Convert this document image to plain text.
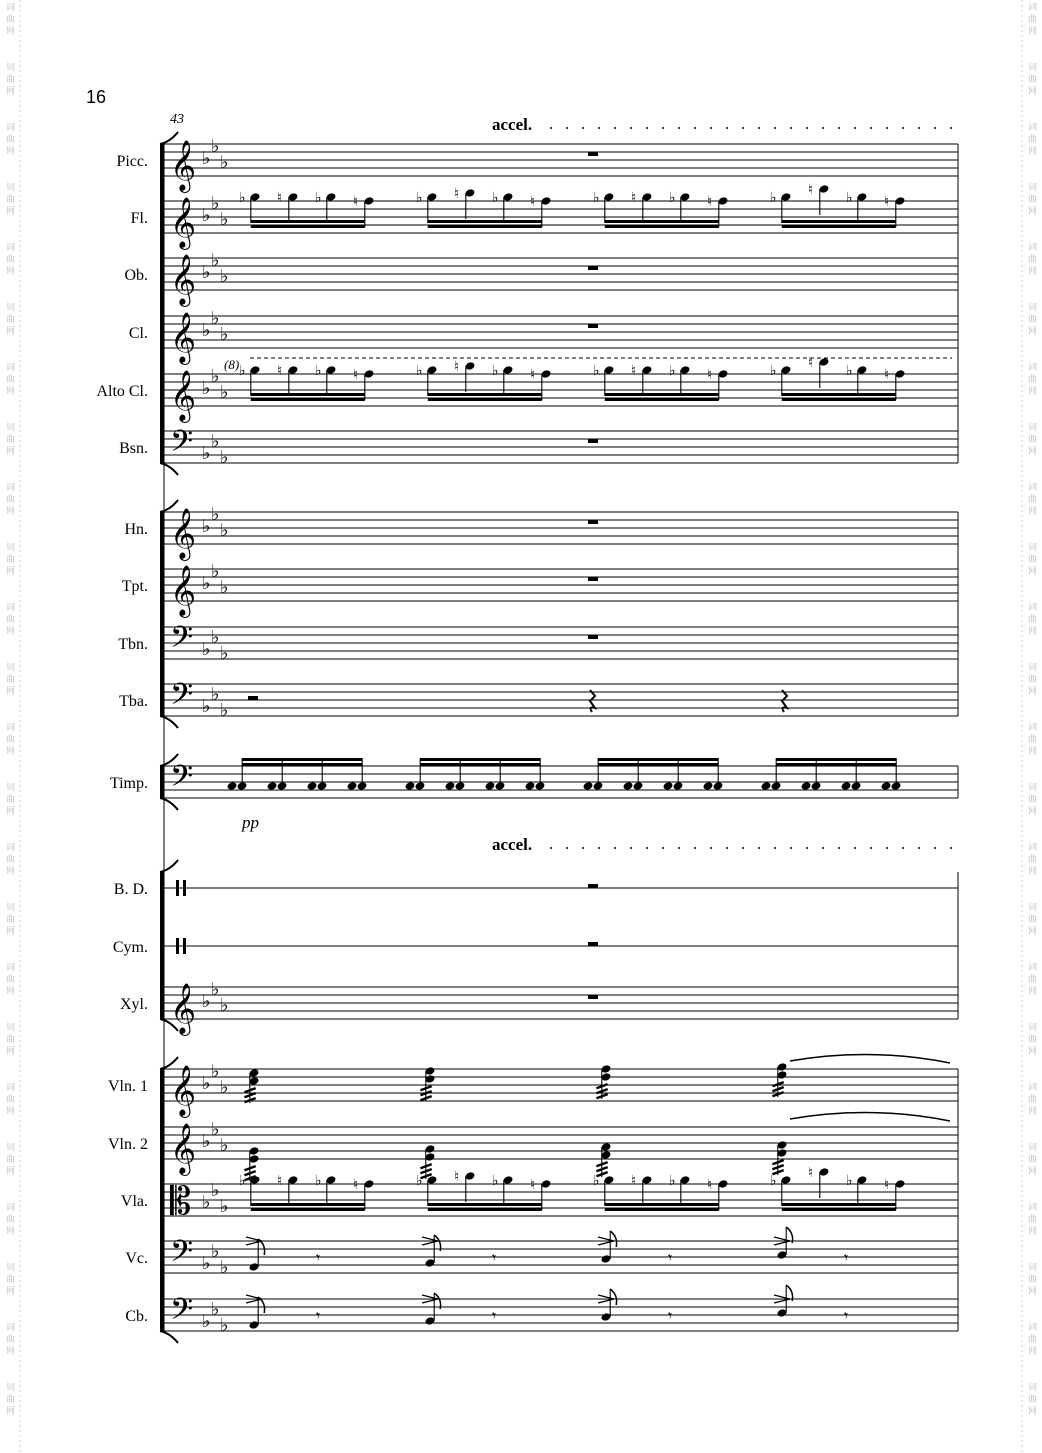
词
曲
网
词
曲
网
词
曲
网
词
曲
网
词
曲
网
词
曲
网
词
曲
网
词
曲
网
词
曲
网
词
曲
网
词
曲
网
词
曲
网
词
曲
网
词
曲
网
词
曲
网
词
曲
网
词
曲
网
词
曲
网
词
曲
网
词
曲
网
词
曲
网
词
曲
网
词
曲
网
词
曲
网
词
曲
网
词
曲
网
词
曲
网
词
曲
网
词
曲
网
词
曲
网
词
曲
网
词
曲
网
词
曲
网
词
曲
网
词
曲
网
词
曲
网
词
曲
网
词
曲
网
词
曲
网
词
曲
网
词
曲
网
词
曲
网
词
曲
网
词
曲
网
词
曲
网
词
曲
网
词
曲
网
词
曲
网
16
43	accel.
accel.
pp
(8)
Picc. 𝄞 ♭
♭
♭
Fl. 𝄞 ♭
♭
♭
♭ ♮ ♭ ♮	♭ ♮ ♭ ♮	♭ ♮ ♭ ♮	♭ ♮ ♭ ♮
Ob. 𝄞 ♭
♭
♭
Cl. 𝄞 ♭
♭
♭
Alto Cl. 𝄞 ♭
♭
♭
♭ ♮ ♭ ♮	♭ ♮ ♭ ♮	♭ ♮ ♭ ♮	♭ ♮ ♭ ♮
Bsn. 𝄢 ♭
♭
♭
Hn. 𝄞 ♭
♭
♭
Tpt. 𝄞 ♭
♭
♭
Tbn. 𝄢 ♭
♭
♭
Tba. 𝄢 ♭
♭
♭
Timp. 𝄢
B. D.
Cym.
Xyl. 𝄞 ♭
♭
♭
Vln. 1 𝄞 ♭
♭
♭
Vln. 2 𝄞 ♭
♭
♭
Vla. 𝄡 ♭
♭
♭
♭ ♮ ♭ ♮	♭ ♮ ♭ ♮	♭ ♮ ♭ ♮	♭ ♮ ♭ ♮
Vc. 𝄢 ♭
♭
♭	𝄾	𝄾	𝄾	𝄾
Cb. 𝄢 ♭
♭
♭	𝄾	𝄾	𝄾	𝄾
